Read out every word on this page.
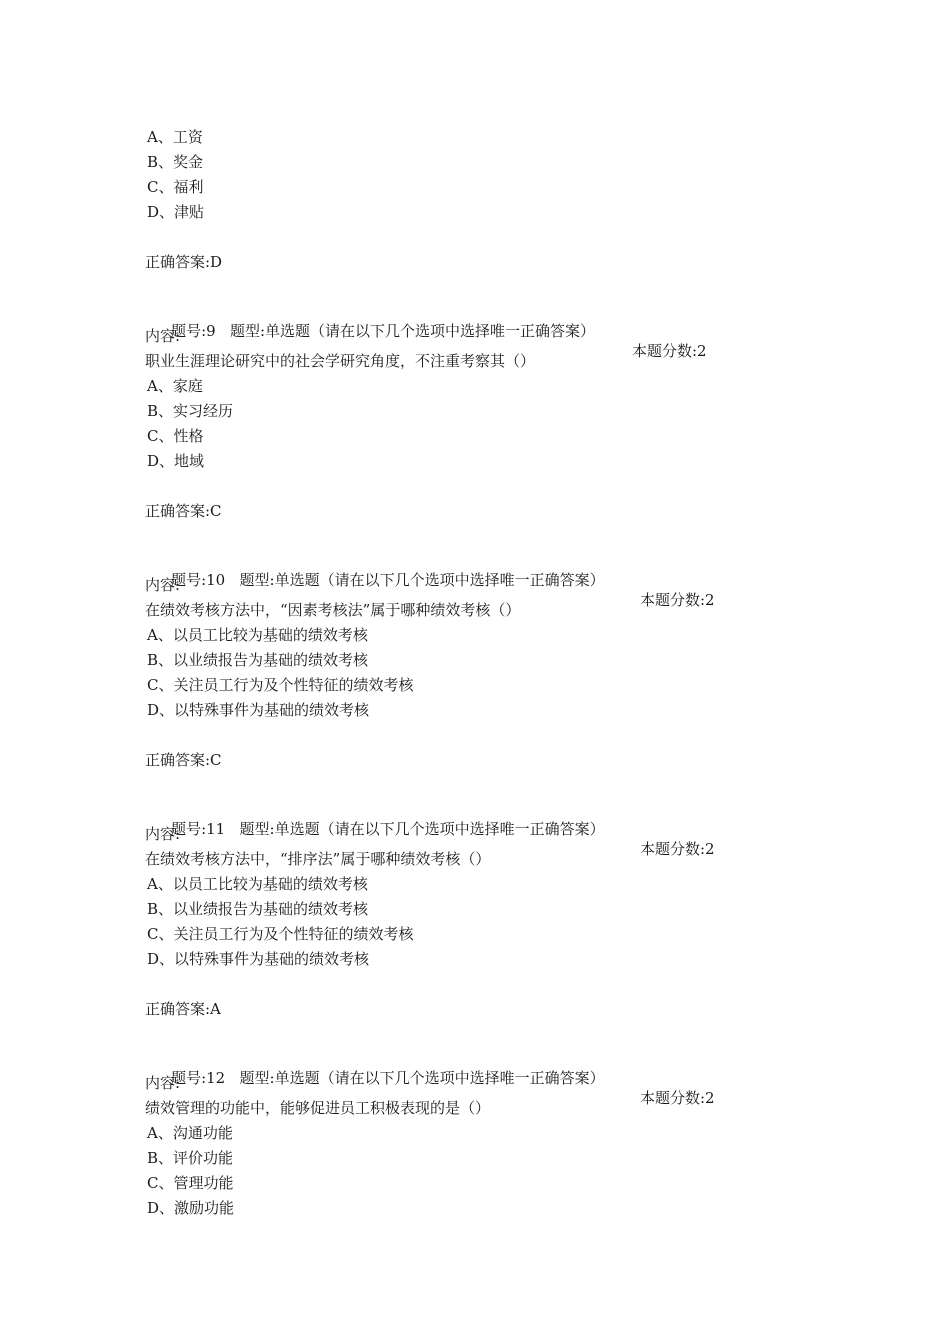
A、工资
B、奖金
C、福利
D、津贴
正确答案:D

题号:9   题型:单选题（请在以下几个选项中选择唯一正确答案）

本题分数:2

内容:
职业生涯理论研究中的社会学研究角度，不注重考察其（）
A、家庭
B、实习经历
C、性格
D、地域
正确答案:C

题号:10   题型:单选题（请在以下几个选项中选择唯一正确答案）

本题分数:2

内容:
在绩效考核方法中，“因素考核法”属于哪种绩效考核（）
A、以员工比较为基础的绩效考核
B、以业绩报告为基础的绩效考核
C、关注员工行为及个性特征的绩效考核
D、以特殊事件为基础的绩效考核
正确答案:C

题号:11   题型:单选题（请在以下几个选项中选择唯一正确答案）

本题分数:2

内容:
在绩效考核方法中，“排序法”属于哪种绩效考核（）
A、以员工比较为基础的绩效考核
B、以业绩报告为基础的绩效考核
C、关注员工行为及个性特征的绩效考核
D、以特殊事件为基础的绩效考核
正确答案:A

题号:12   题型:单选题（请在以下几个选项中选择唯一正确答案）

本题分数:2

内容:
绩效管理的功能中，能够促进员工积极表现的是（）
A、沟通功能
B、评价功能
C、管理功能
D、激励功能
